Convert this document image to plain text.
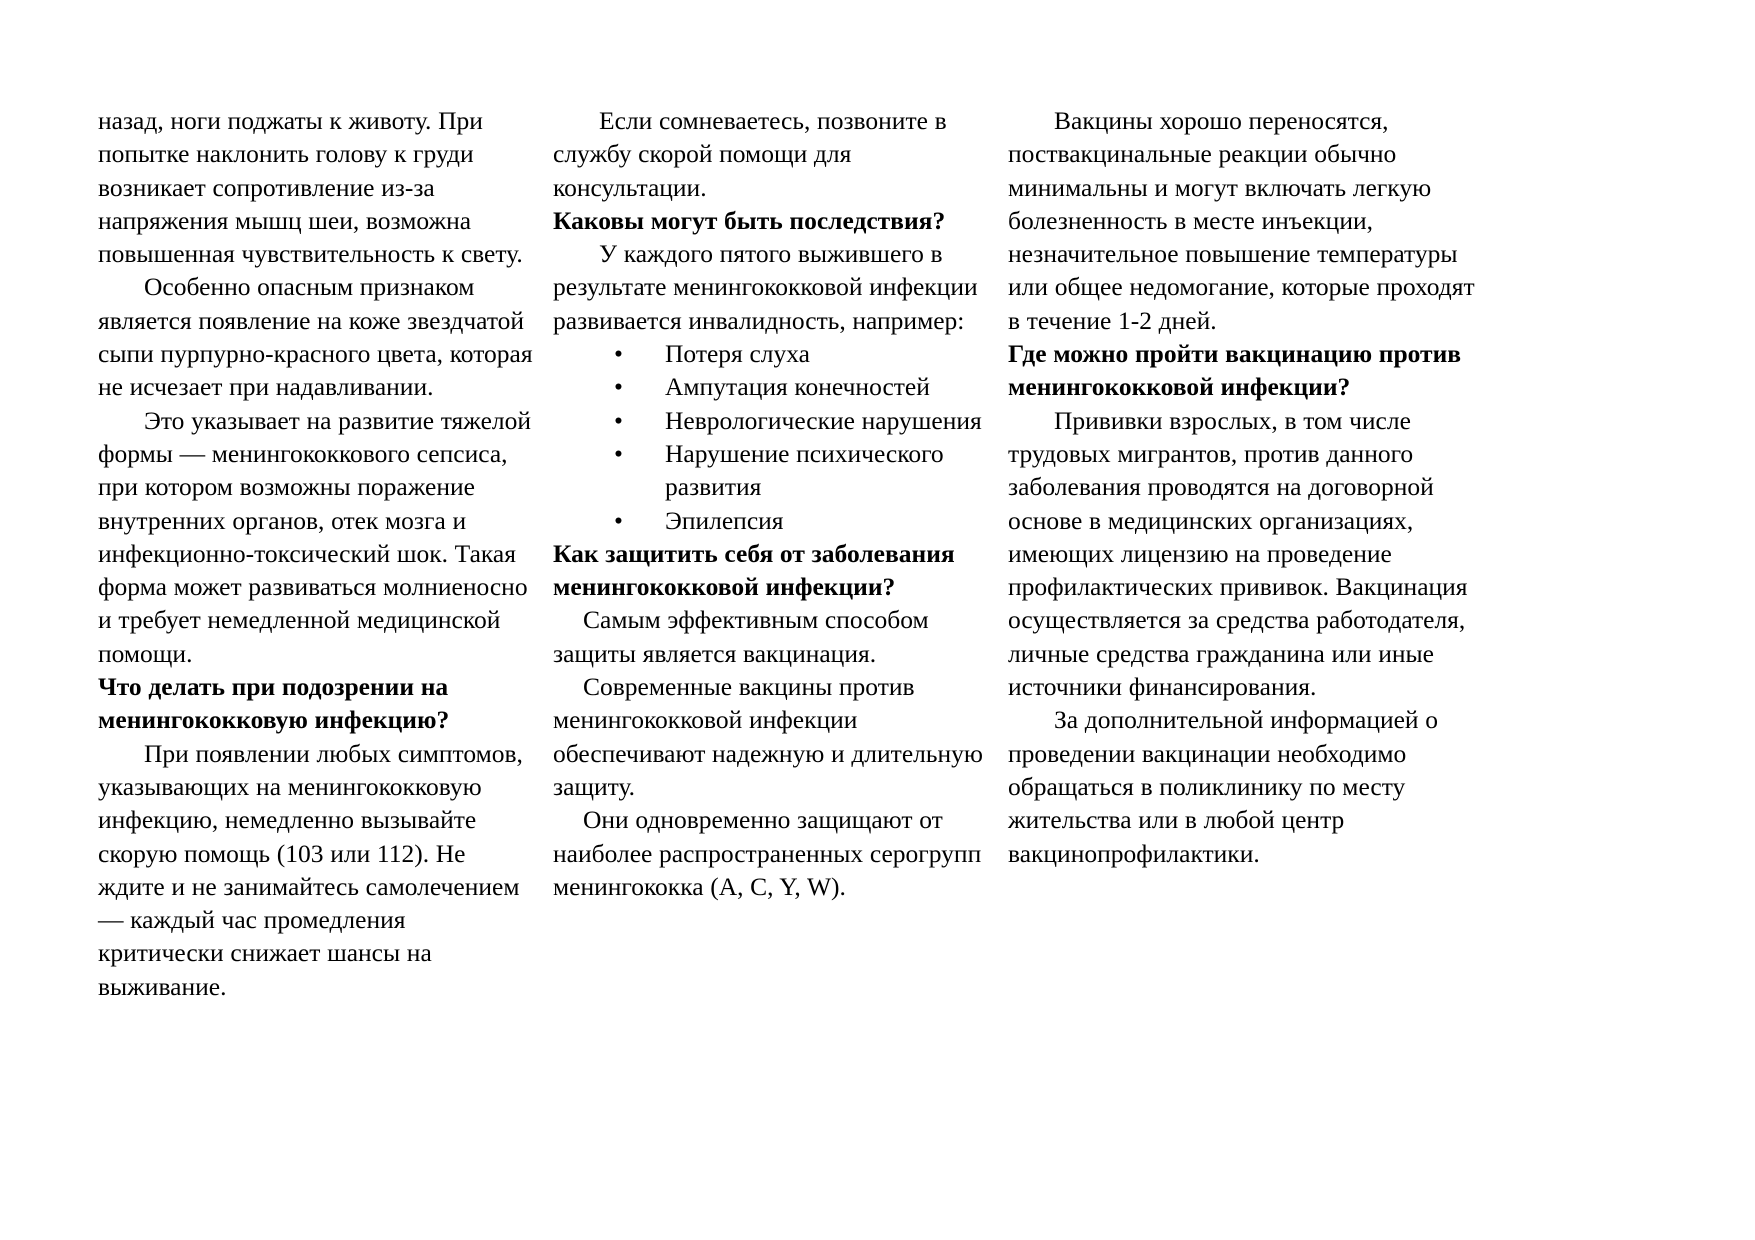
назад, ноги поджаты к животу. При попытке наклонить голову к груди возникает сопротивление из-за напряжения мышц шеи, возможна повышенная чувствительность к свету.

Особенно опасным признаком является появление на коже звездчатой сыпи пурпурно-красного цвета, которая не исчезает при надавливании.

Это указывает на развитие тяжелой формы — менингококкового сепсиса, при котором возможны поражение внутренних органов, отек мозга и инфекционно-токсический шок. Такая форма может развиваться молниеносно и требует немедленной медицинской помощи.

Что делать при подозрении на менингококковую инфекцию?

При появлении любых симптомов, указывающих на менингококковую инфекцию, немедленно вызывайте скорую помощь (103 или 112). Не ждите и не занимайтесь самолечением — каждый час промедления критически снижает шансы на выживание.

Если сомневаетесь, позвоните в службу скорой помощи для консультации.

Каковы могут быть последствия?

У каждого пятого выжившего в результате менингококковой инфекции развивается инвалидность, например:

• Потеря слуха
• Ампутация конечностей
• Неврологические нарушения
• Нарушение психического развития
• Эпилепсия

Как защитить себя от заболевания менингококковой инфекции?

Самым эффективным способом защиты является вакцинация.

Современные вакцины против менингококковой инфекции обеспечивают надежную и длительную защиту.

Они одновременно защищают от наиболее распространенных серогрупп менингококка (A, C, Y, W).

Вакцины хорошо переносятся, поствакцинальные реакции обычно минимальны и могут включать легкую болезненность в месте инъекции, незначительное повышение температуры или общее недомогание, которые проходят в течение 1-2 дней.

Где можно пройти вакцинацию против менингококковой инфекции?

Прививки взрослых, в том числе трудовых мигрантов, против данного заболевания проводятся на договорной основе в медицинских организациях, имеющих лицензию на проведение профилактических прививок. Вакцинация осуществляется за средства работодателя, личные средства гражданина или иные источники финансирования.

За дополнительной информацией о проведении вакцинации необходимо обращаться в поликлинику по месту жительства или в любой центр вакцинопрофилактики.
